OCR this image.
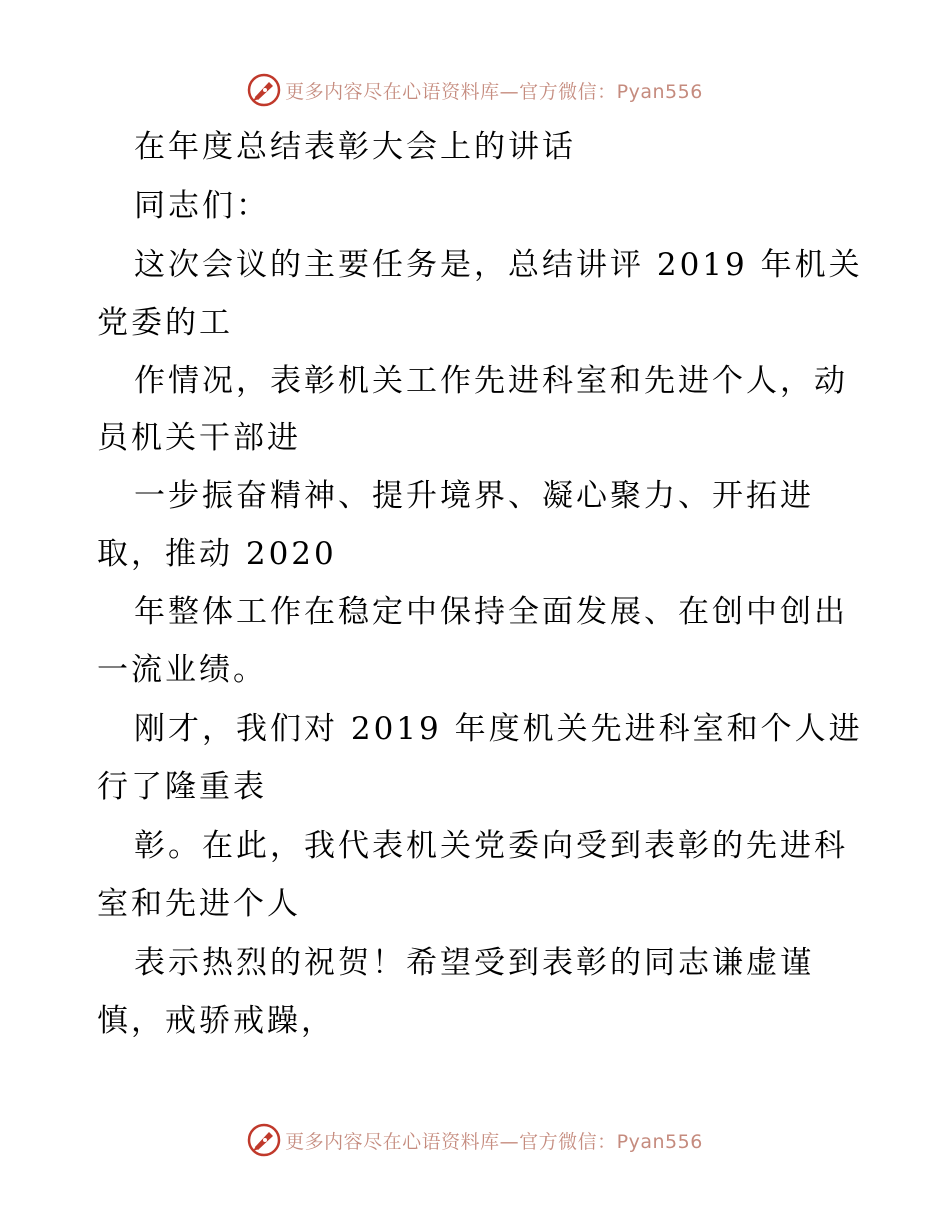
更多内容尽在心语资料库—官方微信：Pyan556
在年度总结表彰大会上的讲话
同志们：
这次会议的主要任务是，总结讲评 2019 年机关
党委的工
作情况，表彰机关工作先进科室和先进个人，动
员机关干部进
一步振奋精神、提升境界、凝心聚力、开拓进
取，推动 2020
年整体工作在稳定中保持全面发展、在创中创出
一流业绩。
刚才，我们对 2019 年度机关先进科室和个人进
行了隆重表
彰。在此，我代表机关党委向受到表彰的先进科
室和先进个人
表示热烈的祝贺！希望受到表彰的同志谦虚谨
慎，戒骄戒躁，
更多内容尽在心语资料库—官方微信：Pyan556
